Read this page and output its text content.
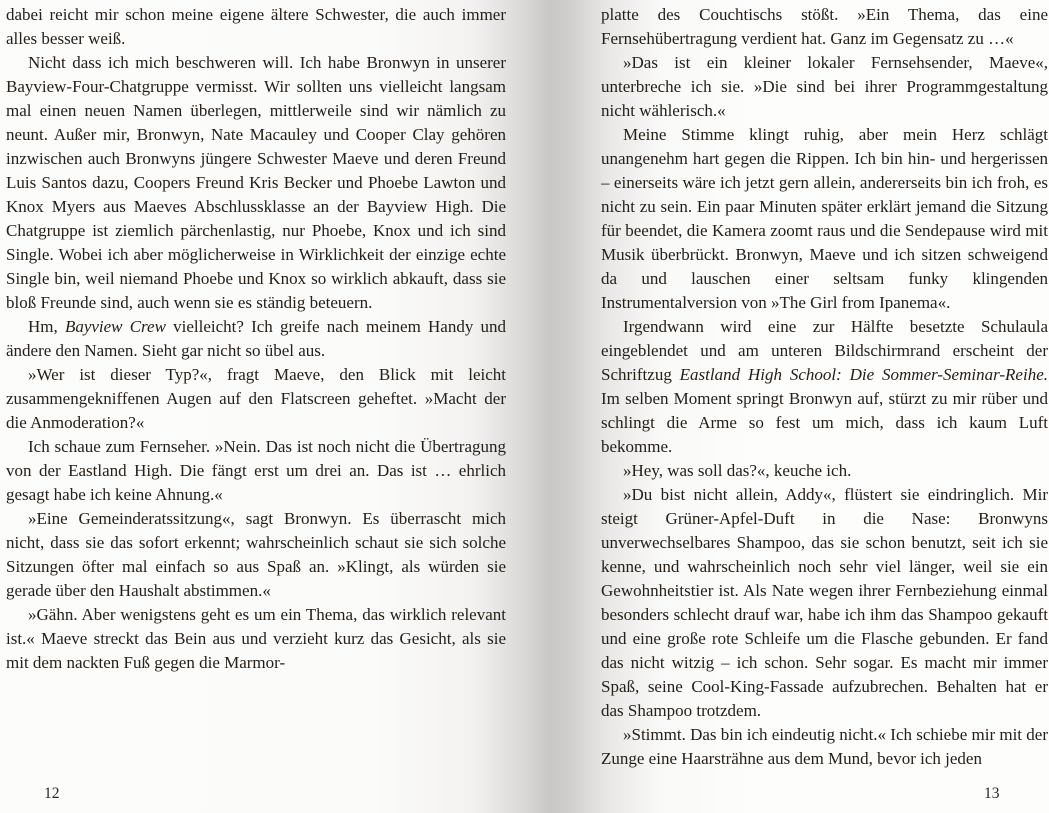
dabei reicht mir schon meine eigene ältere Schwester, die auch immer alles besser weiß.

Nicht dass ich mich beschweren will. Ich habe Bronwyn in unserer Bayview-Four-Chatgruppe vermisst. Wir sollten uns vielleicht langsam mal einen neuen Namen überlegen, mittlerweile sind wir nämlich zu neunt. Außer mir, Bronwyn, Nate Macauley und Cooper Clay gehören inzwischen auch Bronwyns jüngere Schwester Maeve und deren Freund Luis Santos dazu, Coopers Freund Kris Becker und Phoebe Lawton und Knox Myers aus Maeves Abschlussklasse an der Bayview High. Die Chatgruppe ist ziemlich pärchenlastig, nur Phoebe, Knox und ich sind Single. Wobei ich aber möglicherweise in Wirklichkeit der einzige echte Single bin, weil niemand Phoebe und Knox so wirklich abkauft, dass sie bloß Freunde sind, auch wenn sie es ständig beteuern.

Hm, Bayview Crew vielleicht? Ich greife nach meinem Handy und ändere den Namen. Sieht gar nicht so übel aus.

»Wer ist dieser Typ?«, fragt Maeve, den Blick mit leicht zusammengekniffenen Augen auf den Flatscreen geheftet. »Macht der die Anmoderation?«

Ich schaue zum Fernseher. »Nein. Das ist noch nicht die Übertragung von der Eastland High. Die fängt erst um drei an. Das ist … ehrlich gesagt habe ich keine Ahnung.«

»Eine Gemeinderatssitzung«, sagt Bronwyn. Es überrascht mich nicht, dass sie das sofort erkennt; wahrscheinlich schaut sie sich solche Sitzungen öfter mal einfach so aus Spaß an. »Klingt, als würden sie gerade über den Haushalt abstimmen.«

»Gähn. Aber wenigstens geht es um ein Thema, das wirklich relevant ist.« Maeve streckt das Bein aus und verzieht kurz das Gesicht, als sie mit dem nackten Fuß gegen die Marmor-

platte des Couchtischs stößt. »Ein Thema, das eine Fernsehübertragung verdient hat. Ganz im Gegensatz zu …«

»Das ist ein kleiner lokaler Fernsehsender, Maeve«, unterbreche ich sie. »Die sind bei ihrer Programmgestaltung nicht wählerisch.«

Meine Stimme klingt ruhig, aber mein Herz schlägt unangenehm hart gegen die Rippen. Ich bin hin- und hergerissen – einerseits wäre ich jetzt gern allein, andererseits bin ich froh, es nicht zu sein. Ein paar Minuten später erklärt jemand die Sitzung für beendet, die Kamera zoomt raus und die Sendepause wird mit Musik überbrückt. Bronwyn, Maeve und ich sitzen schweigend da und lauschen einer seltsam funky klingenden Instrumentalversion von »The Girl from Ipanema«.

Irgendwann wird eine zur Hälfte besetzte Schulaula eingeblendet und am unteren Bildschirmrand erscheint der Schriftzug Eastland High School: Die Sommer-Seminar-Reihe. Im selben Moment springt Bronwyn auf, stürzt zu mir rüber und schlingt die Arme so fest um mich, dass ich kaum Luft bekomme.

»Hey, was soll das?«, keuche ich.

»Du bist nicht allein, Addy«, flüstert sie eindringlich. Mir steigt Grüner-Apfel-Duft in die Nase: Bronwyns unverwechselbares Shampoo, das sie schon benutzt, seit ich sie kenne, und wahrscheinlich noch sehr viel länger, weil sie ein Gewohnheitstier ist. Als Nate wegen ihrer Fernbeziehung einmal besonders schlecht drauf war, habe ich ihm das Shampoo gekauft und eine große rote Schleife um die Flasche gebunden. Er fand das nicht witzig – ich schon. Sehr sogar. Es macht mir immer Spaß, seine Cool-King-Fassade aufzubrechen. Behalten hat er das Shampoo trotzdem.

»Stimmt. Das bin ich eindeutig nicht.« Ich schiebe mir mit der Zunge eine Haarsträhne aus dem Mund, bevor ich jeden

12	13
